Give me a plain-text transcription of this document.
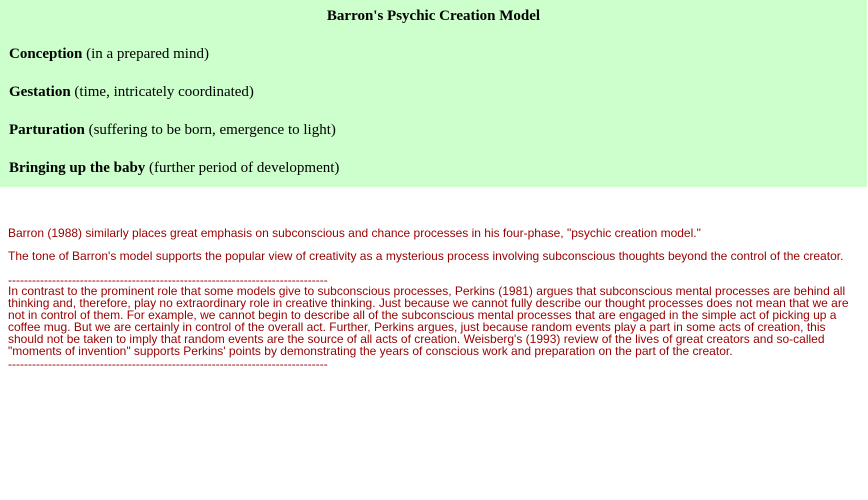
Barron's Psychic Creation Model
Conception (in a prepared mind)
Gestation (time, intricately coordinated)
Parturation (suffering to be born, emergence to light)
Bringing up the baby (further period of development)
Barron (1988) similarly places great emphasis on subconscious and chance processes in his four-phase, "psychic creation model."
The tone of Barron's model supports the popular view of creativity as a mysterious process involving subconscious thoughts beyond the control of the creator.
--------------------------------------------------------------------------------
In contrast to the prominent role that some models give to subconscious processes, Perkins (1981) argues that subconscious mental processes are behind all thinking and, therefore, play no extraordinary role in creative thinking. Just because we cannot fully describe our thought processes does not mean that we are not in control of them. For example, we cannot begin to describe all of the subconscious mental processes that are engaged in the simple act of picking up a coffee mug. But we are certainly in control of the overall act. Further, Perkins argues, just because random events play a part in some acts of creation, this should not be taken to imply that random events are the source of all acts of creation. Weisberg's (1993) review of the lives of great creators and so-called "moments of invention" supports Perkins' points by demonstrating the years of conscious work and preparation on the part of the creator.
--------------------------------------------------------------------------------
